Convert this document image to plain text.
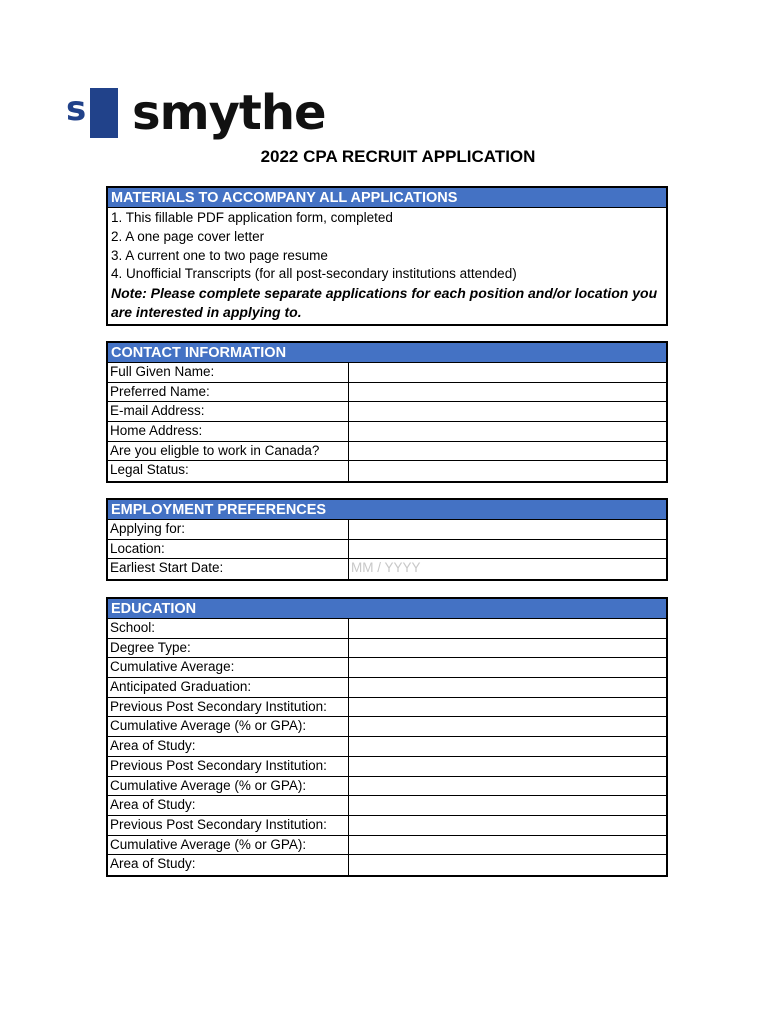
s smythe
2022 CPA RECRUIT APPLICATION
MATERIALS TO ACCOMPANY ALL APPLICATIONS
1. This fillable PDF application form, completed
2. A one page cover letter
3. A current one to two page resume
4. Unofficial Transcripts (for all post-secondary institutions attended)
Note: Please complete separate applications for each position and/or location you are interested in applying to.
CONTACT INFORMATION
Full Given Name:
Preferred Name:
E-mail Address:
Home Address:
Are you eligble to work in Canada?
Legal Status:
EMPLOYMENT PREFERENCES
Applying for:
Location:
Earliest Start Date:	MM / YYYY
EDUCATION
School:
Degree Type:
Cumulative Average:
Anticipated Graduation:
Previous Post Secondary Institution:
Cumulative Average (% or GPA):
Area of Study:
Previous Post Secondary Institution:
Cumulative Average (% or GPA):
Area of Study:
Previous Post Secondary Institution:
Cumulative Average (% or GPA):
Area of Study:
